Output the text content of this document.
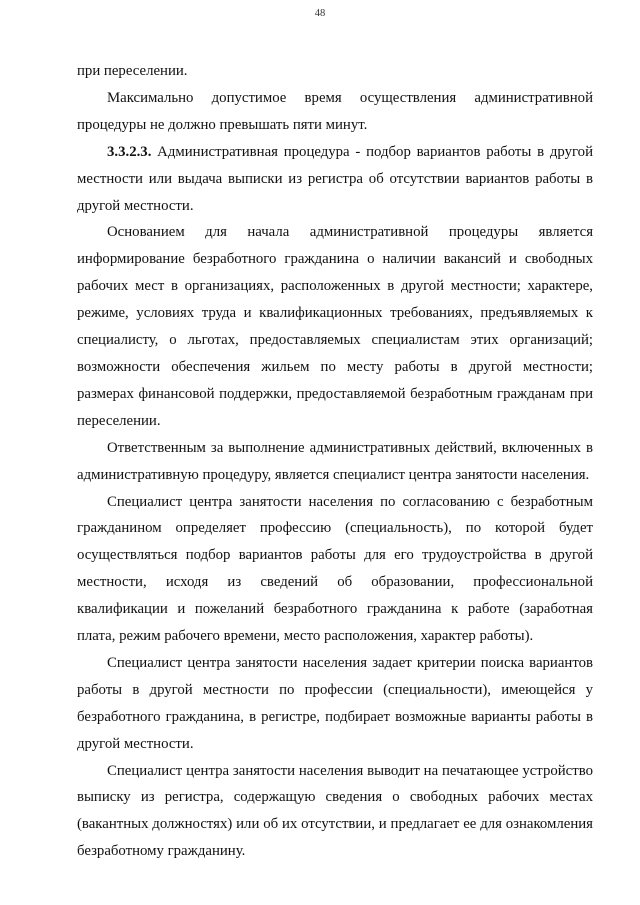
48

при переселении.

Максимально допустимое время осуществления административной процедуры не должно превышать пяти минут.

3.3.2.3. Административная процедура - подбор вариантов работы в другой местности или выдача выписки из регистра об отсутствии вариантов работы в другой местности.

Основанием для начала административной процедуры является информирование безработного гражданина о наличии вакансий и свободных рабочих мест в организациях, расположенных в другой местности; характере, режиме, условиях труда и квалификационных требованиях, предъявляемых к специалисту, о льготах, предоставляемых специалистам этих организаций; возможности обеспечения жильем по месту работы в другой местности; размерах финансовой поддержки, предоставляемой безработным гражданам при переселении.

Ответственным за выполнение административных действий, включенных в административную процедуру, является специалист центра занятости населения.

Специалист центра занятости населения по согласованию с безработным гражданином определяет профессию (специальность), по которой будет осуществляться подбор вариантов работы для его трудоустройства в другой местности, исходя из сведений об образовании, профессиональной квалификации и пожеланий безработного гражданина к работе (заработная плата, режим рабочего времени, место расположения, характер работы).

Специалист центра занятости населения задает критерии поиска вариантов работы в другой местности по профессии (специальности), имеющейся у безработного гражданина, в регистре, подбирает возможные варианты работы в другой местности.

Специалист центра занятости населения выводит на печатающее устройство выписку из регистра, содержащую сведения о свободных рабочих местах (вакантных должностях) или об их отсутствии, и предлагает ее для ознакомления безработному гражданину.
